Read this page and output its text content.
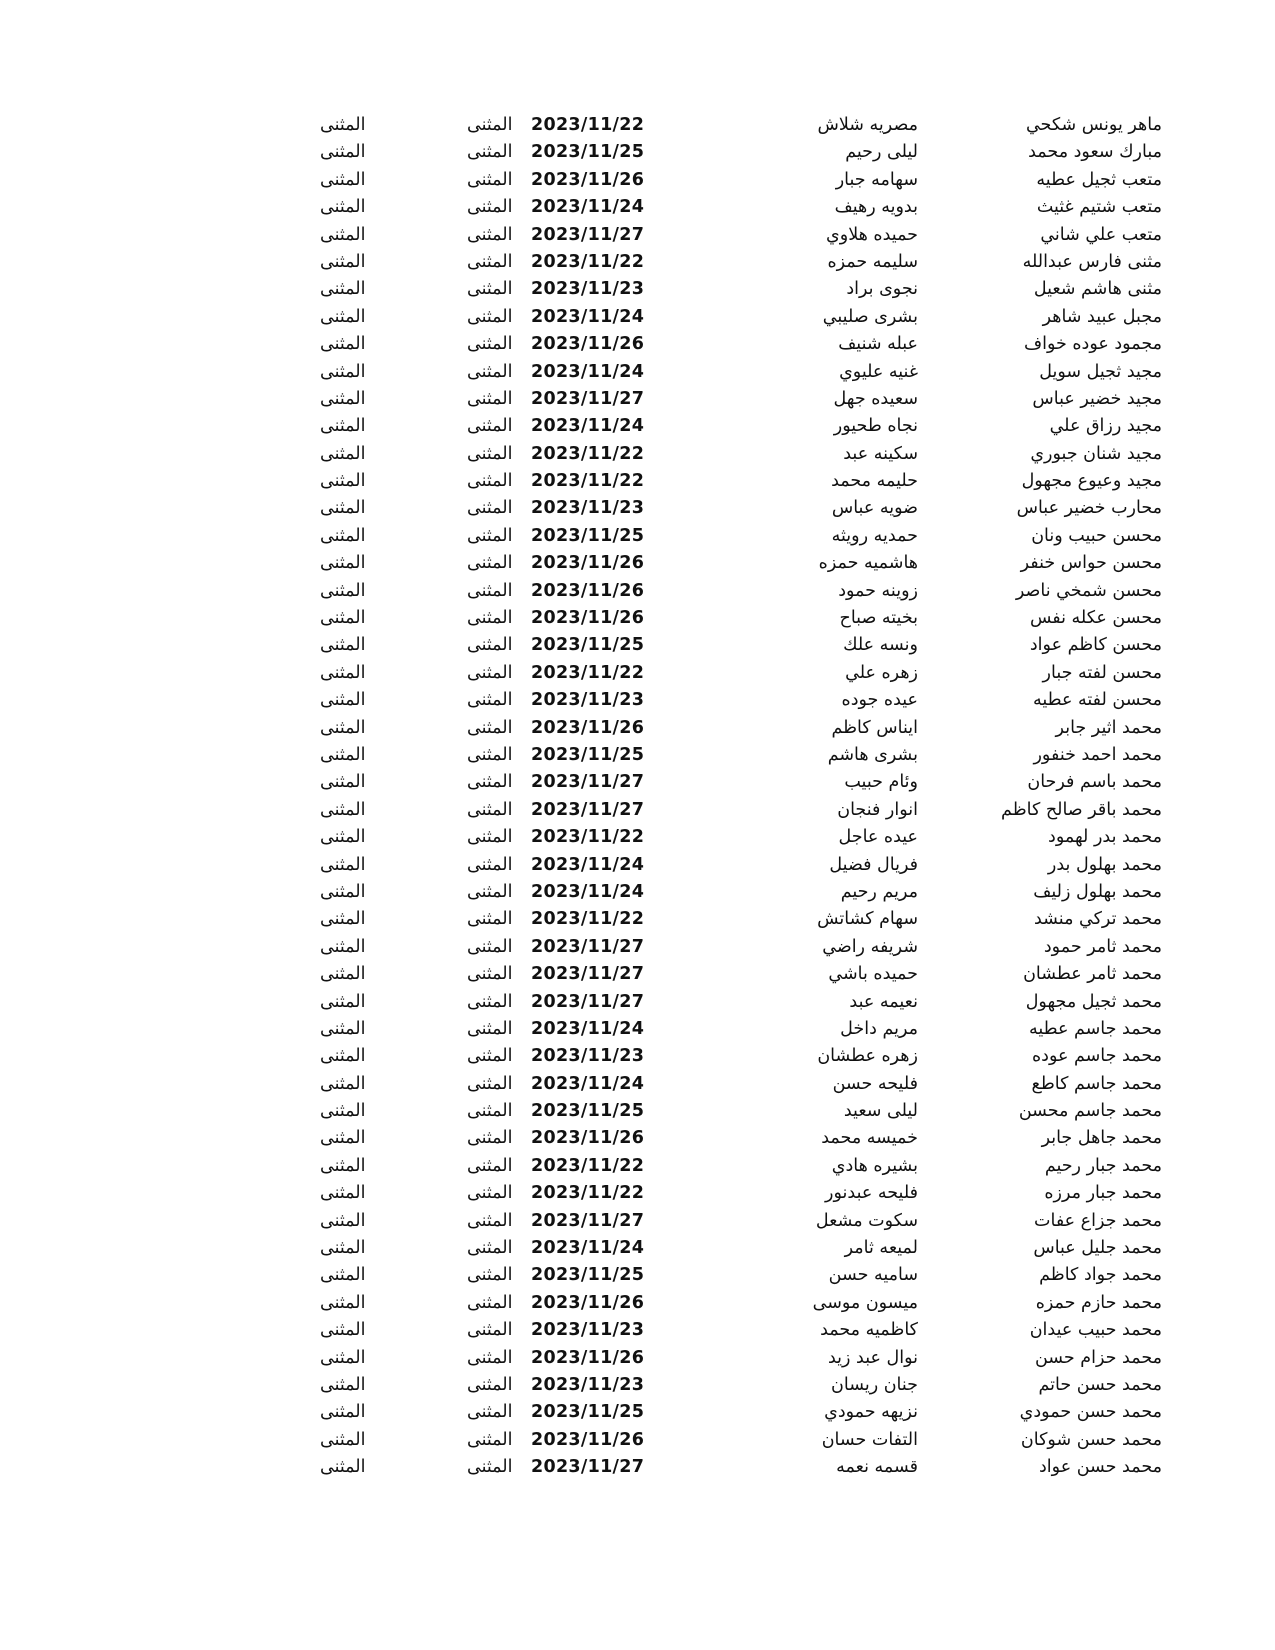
ماهر يونس شكحي
مصريه شلاش
2023/11/22
المثنى
المثنى
مبارك سعود محمد
ليلى رحيم
2023/11/25
المثنى
المثنى
متعب ثجيل عطيه
سهامه جبار
2023/11/26
المثنى
المثنى
متعب شتيم غثيث
بدويه رهيف
2023/11/24
المثنى
المثنى
متعب علي شاني
حميده هلاوي
2023/11/27
المثنى
المثنى
مثنى فارس عبدالله
سليمه حمزه
2023/11/22
المثنى
المثنى
مثنى هاشم شعيل
نجوى براد
2023/11/23
المثنى
المثنى
مجبل عبيد شاهر
بشرى صليبي
2023/11/24
المثنى
المثنى
مجمود عوده خواف
عبله شنيف
2023/11/26
المثنى
المثنى
مجيد ثجيل سويل
غنيه عليوي
2023/11/24
المثنى
المثنى
مجيد خضير عباس
سعيده جهل
2023/11/27
المثنى
المثنى
مجيد رزاق علي
نجاه طحيور
2023/11/24
المثنى
المثنى
مجيد شنان جبوري
سكينه عبد
2023/11/22
المثنى
المثنى
مجيد وعيوع مجهول
حليمه محمد
2023/11/22
المثنى
المثنى
محارب خضير عباس
ضويه عباس
2023/11/23
المثنى
المثنى
محسن حبيب ونان
حمديه رويثه
2023/11/25
المثنى
المثنى
محسن حواس خنفر
هاشميه حمزه
2023/11/26
المثنى
المثنى
محسن شمخي ناصر
زوينه حمود
2023/11/26
المثنى
المثنى
محسن عكله نفس
بخيته صباح
2023/11/26
المثنى
المثنى
محسن كاظم عواد
ونسه علك
2023/11/25
المثنى
المثنى
محسن لفته جبار
زهره علي
2023/11/22
المثنى
المثنى
محسن لفته عطيه
عيده جوده
2023/11/23
المثنى
المثنى
محمد اثير جابر
ايناس كاظم
2023/11/26
المثنى
المثنى
محمد احمد خنفور
بشرى هاشم
2023/11/25
المثنى
المثنى
محمد باسم فرحان
وئام حبيب
2023/11/27
المثنى
المثنى
محمد باقر صالح كاظم
انوار فنجان
2023/11/27
المثنى
المثنى
محمد بدر لهمود
عيده عاجل
2023/11/22
المثنى
المثنى
محمد بهلول بدر
فريال فضيل
2023/11/24
المثنى
المثنى
محمد بهلول زليف
مريم رحيم
2023/11/24
المثنى
المثنى
محمد تركي منشد
سهام كشاتش
2023/11/22
المثنى
المثنى
محمد ثامر حمود
شريفه راضي
2023/11/27
المثنى
المثنى
محمد ثامر عطشان
حميده باشي
2023/11/27
المثنى
المثنى
محمد ثجيل مجهول
نعيمه عبد
2023/11/27
المثنى
المثنى
محمد جاسم عطيه
مريم داخل
2023/11/24
المثنى
المثنى
محمد جاسم عوده
زهره عطشان
2023/11/23
المثنى
المثنى
محمد جاسم كاطع
فليحه حسن
2023/11/24
المثنى
المثنى
محمد جاسم محسن
ليلى سعيد
2023/11/25
المثنى
المثنى
محمد جاهل جابر
خميسه محمد
2023/11/26
المثنى
المثنى
محمد جبار رحيم
بشيره هادي
2023/11/22
المثنى
المثنى
محمد جبار مرزه
فليحه عبدنور
2023/11/22
المثنى
المثنى
محمد جزاع عفات
سكوت مشعل
2023/11/27
المثنى
المثنى
محمد جليل عباس
لميعه ثامر
2023/11/24
المثنى
المثنى
محمد جواد كاظم
ساميه حسن
2023/11/25
المثنى
المثنى
محمد حازم حمزه
ميسون موسى
2023/11/26
المثنى
المثنى
محمد حبيب عيدان
كاظميه محمد
2023/11/23
المثنى
المثنى
محمد حزام حسن
نوال عبد زيد
2023/11/26
المثنى
المثنى
محمد حسن حاتم
جنان ريسان
2023/11/23
المثنى
المثنى
محمد حسن حمودي
نزيهه حمودي
2023/11/25
المثنى
المثنى
محمد حسن شوكان
التفات حسان
2023/11/26
المثنى
المثنى
محمد حسن عواد
قسمه نعمه
2023/11/27
المثنى
المثنى
